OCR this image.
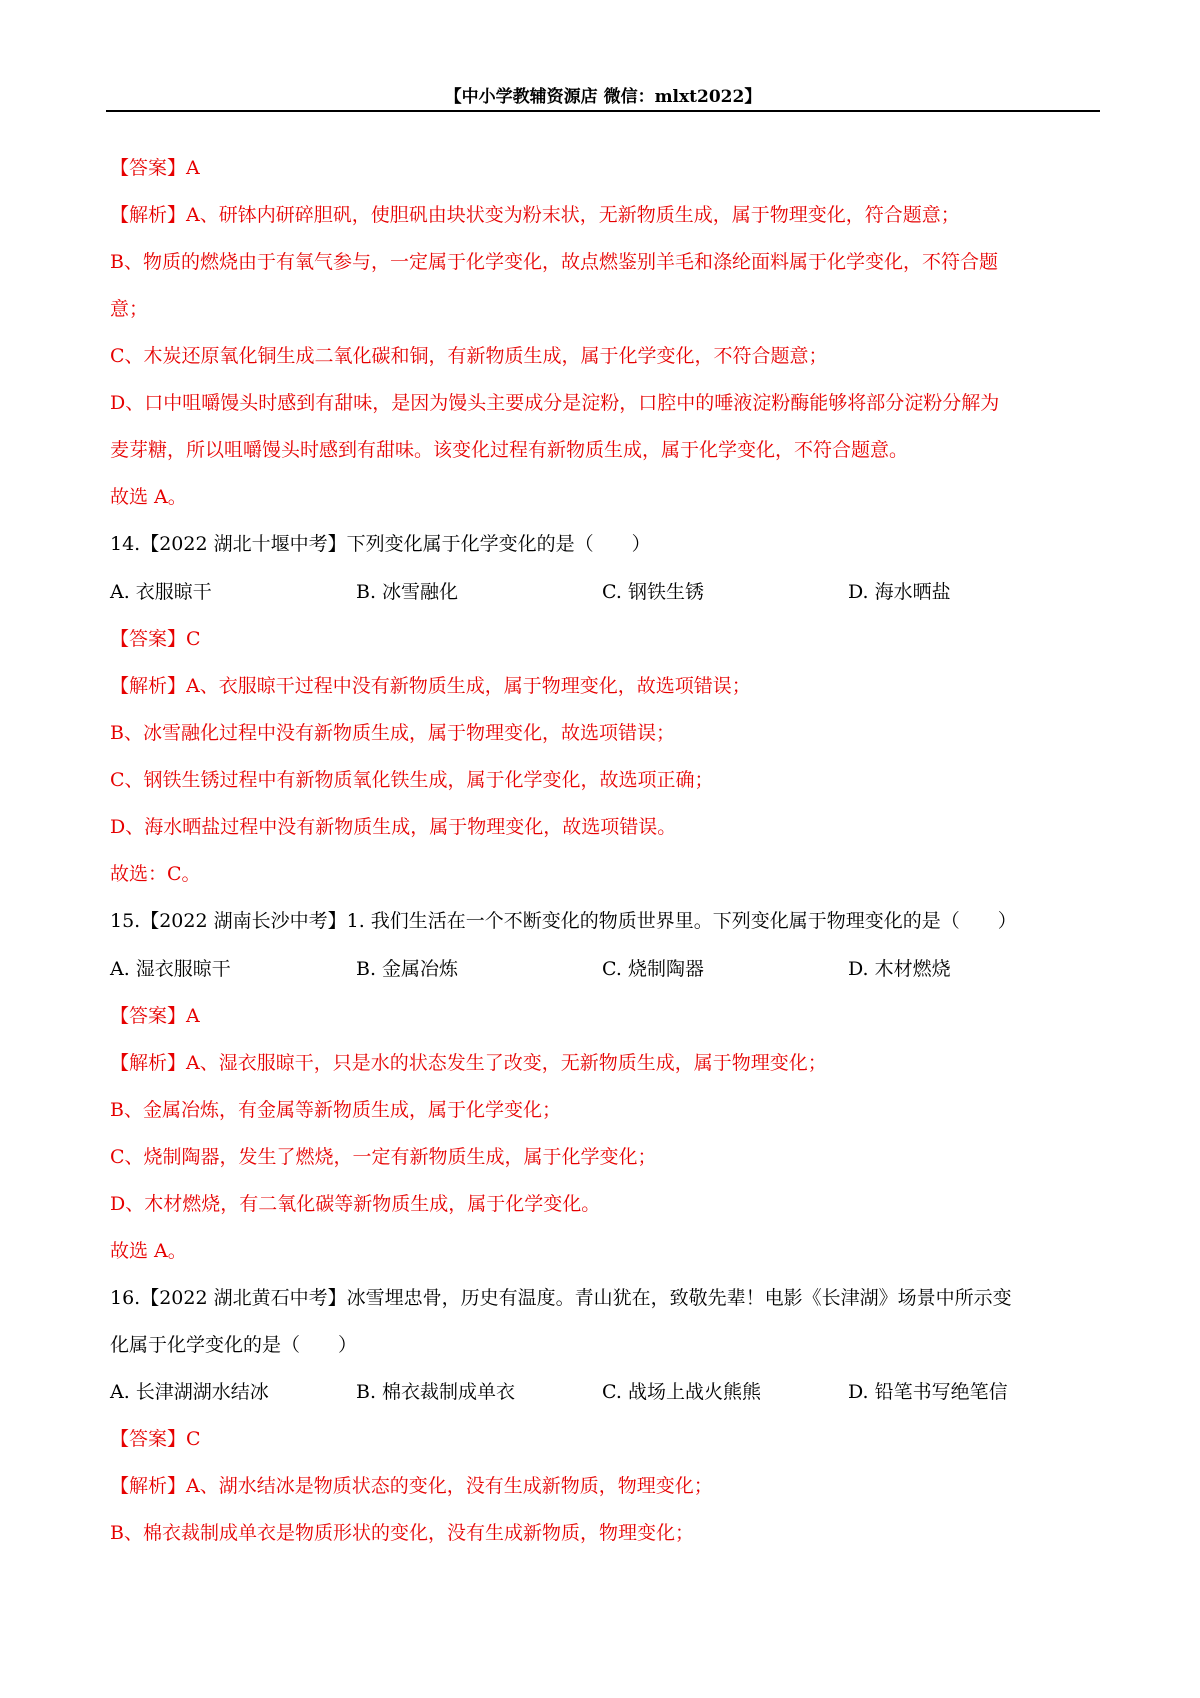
【中小学教辅资源店 微信：mlxt2022】
【答案】A
【解析】A、研钵内研碎胆矾，使胆矾由块状变为粉末状，无新物质生成，属于物理变化，符合题意；
B、物质的燃烧由于有氧气参与，一定属于化学变化，故点燃鉴别羊毛和涤纶面料属于化学变化，不符合题
意；
C、木炭还原氧化铜生成二氧化碳和铜，有新物质生成，属于化学变化，不符合题意；
D、口中咀嚼馒头时感到有甜味，是因为馒头主要成分是淀粉，口腔中的唾液淀粉酶能够将部分淀粉分解为
麦芽糖，所以咀嚼馒头时感到有甜味。该变化过程有新物质生成，属于化学变化，不符合题意。
故选 A。
14.【2022 湖北十堰中考】下列变化属于化学变化的是（　　）
A. 衣服晾干	B. 冰雪融化	C. 钢铁生锈	D. 海水晒盐
【答案】C
【解析】A、衣服晾干过程中没有新物质生成，属于物理变化，故选项错误；
B、冰雪融化过程中没有新物质生成，属于物理变化，故选项错误；
C、钢铁生锈过程中有新物质氧化铁生成，属于化学变化，故选项正确；
D、海水晒盐过程中没有新物质生成，属于物理变化，故选项错误。
故选：C。
15.【2022 湖南长沙中考】1. 我们生活在一个不断变化的物质世界里。下列变化属于物理变化的是（　　）
A. 湿衣服晾干	B. 金属冶炼	C. 烧制陶器	D. 木材燃烧
【答案】A
【解析】A、湿衣服晾干，只是水的状态发生了改变，无新物质生成，属于物理变化；
B、金属冶炼，有金属等新物质生成，属于化学变化；
C、烧制陶器，发生了燃烧，一定有新物质生成，属于化学变化；
D、木材燃烧，有二氧化碳等新物质生成，属于化学变化。
故选 A。
16.【2022 湖北黄石中考】冰雪埋忠骨，历史有温度。青山犹在，致敬先辈！电影《长津湖》场景中所示变
化属于化学变化的是（　　）
A. 长津湖湖水结冰	B. 棉衣裁制成单衣	C. 战场上战火熊熊	D. 铅笔书写绝笔信
【答案】C
【解析】A、湖水结冰是物质状态的变化，没有生成新物质，物理变化；
B、棉衣裁制成单衣是物质形状的变化，没有生成新物质，物理变化；
